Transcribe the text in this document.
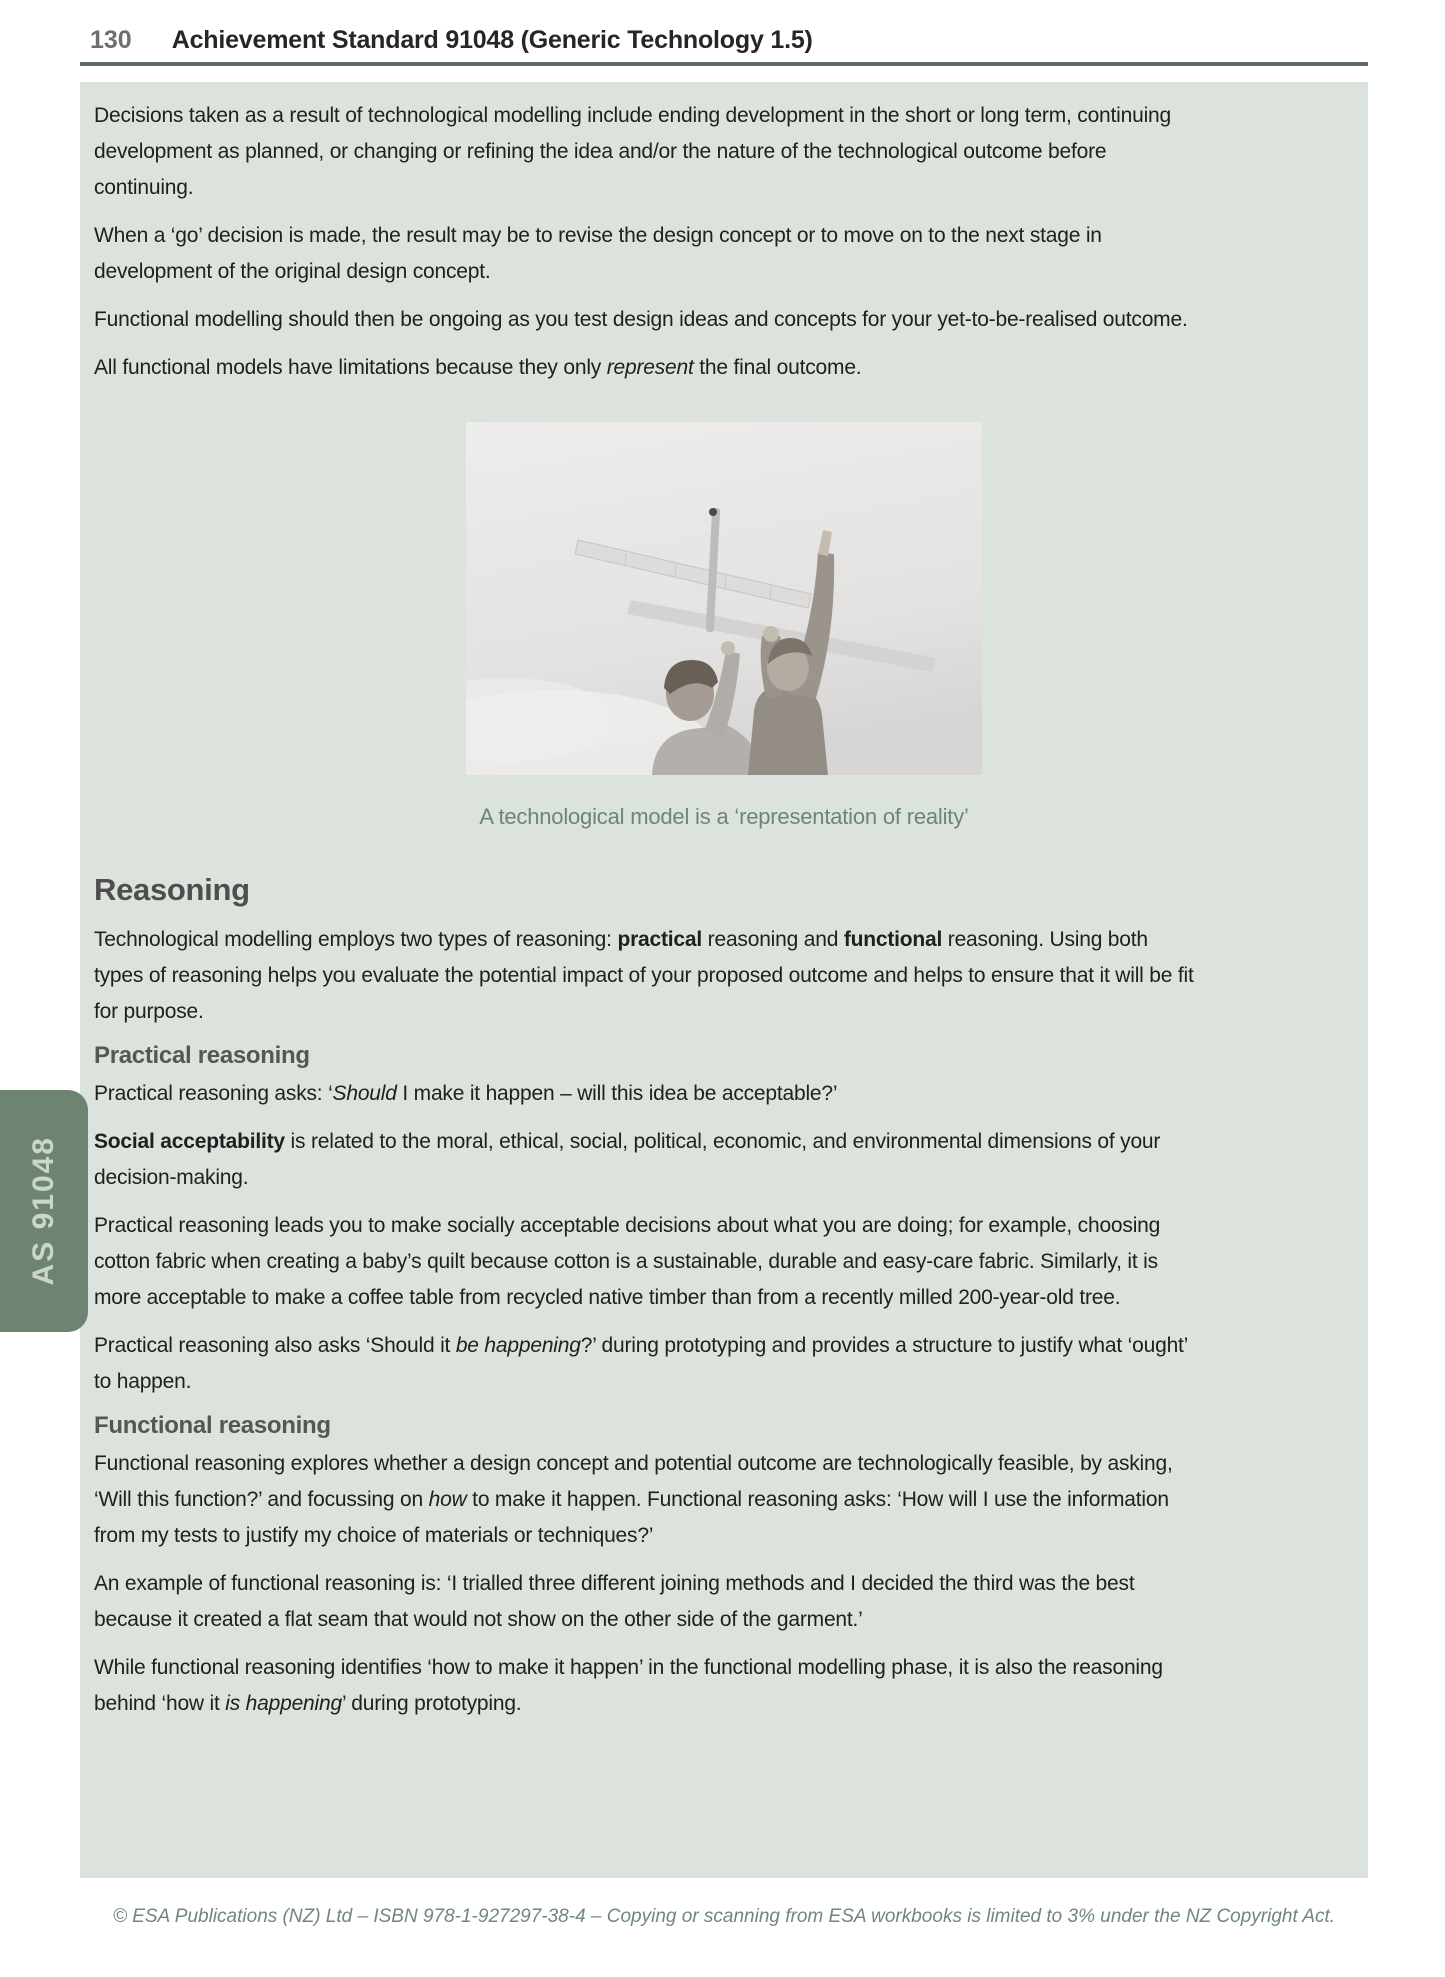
130 Achievement Standard 91048 (Generic Technology 1.5)

Decisions taken as a result of technological modelling include ending development in the short or long term, continuing development as planned, or changing or refining the idea and/or the nature of the technological outcome before continuing.

When a ‘go’ decision is made, the result may be to revise the design concept or to move on to the next stage in development of the original design concept.

Functional modelling should then be ongoing as you test design ideas and concepts for your yet-to-be-realised outcome.

All functional models have limitations because they only represent the final outcome.

A technological model is a ‘representation of reality’
Reasoning

Technological modelling employs two types of reasoning: practical reasoning and functional reasoning. Using both types of reasoning helps you evaluate the potential impact of your proposed outcome and helps to ensure that it will be fit for purpose.

Practical reasoning

Practical reasoning asks: ‘Should I make it happen – will this idea be acceptable?’

Social acceptability is related to the moral, ethical, social, political, economic, and environmental dimensions of your decision-making.

Practical reasoning leads you to make socially acceptable decisions about what you are doing; for example, choosing cotton fabric when creating a baby’s quilt because cotton is a sustainable, durable and easy-care fabric. Similarly, it is more acceptable to make a coffee table from recycled native timber than from a recently milled 200-year-old tree.

Practical reasoning also asks ‘Should it be happening?’ during prototyping and provides a structure to justify what ‘ought’ to happen.

Functional reasoning

Functional reasoning explores whether a design concept and potential outcome are technologically feasible, by asking, ‘Will this function?’ and focussing on how to make it happen. Functional reasoning asks: ‘How will I use the information from my tests to justify my choice of materials or techniques?’

An example of functional reasoning is: ‘I trialled three different joining methods and I decided the third was the best because it created a flat seam that would not show on the other side of the garment.’

While functional reasoning identifies ‘how to make it happen’ in the functional modelling phase, it is also the reasoning behind ‘how it is happening’ during prototyping.

AS 91048
© ESA Publications (NZ) Ltd – ISBN 978-1-927297-38-4 – Copying or scanning from ESA workbooks is limited to 3% under the NZ Copyright Act.
